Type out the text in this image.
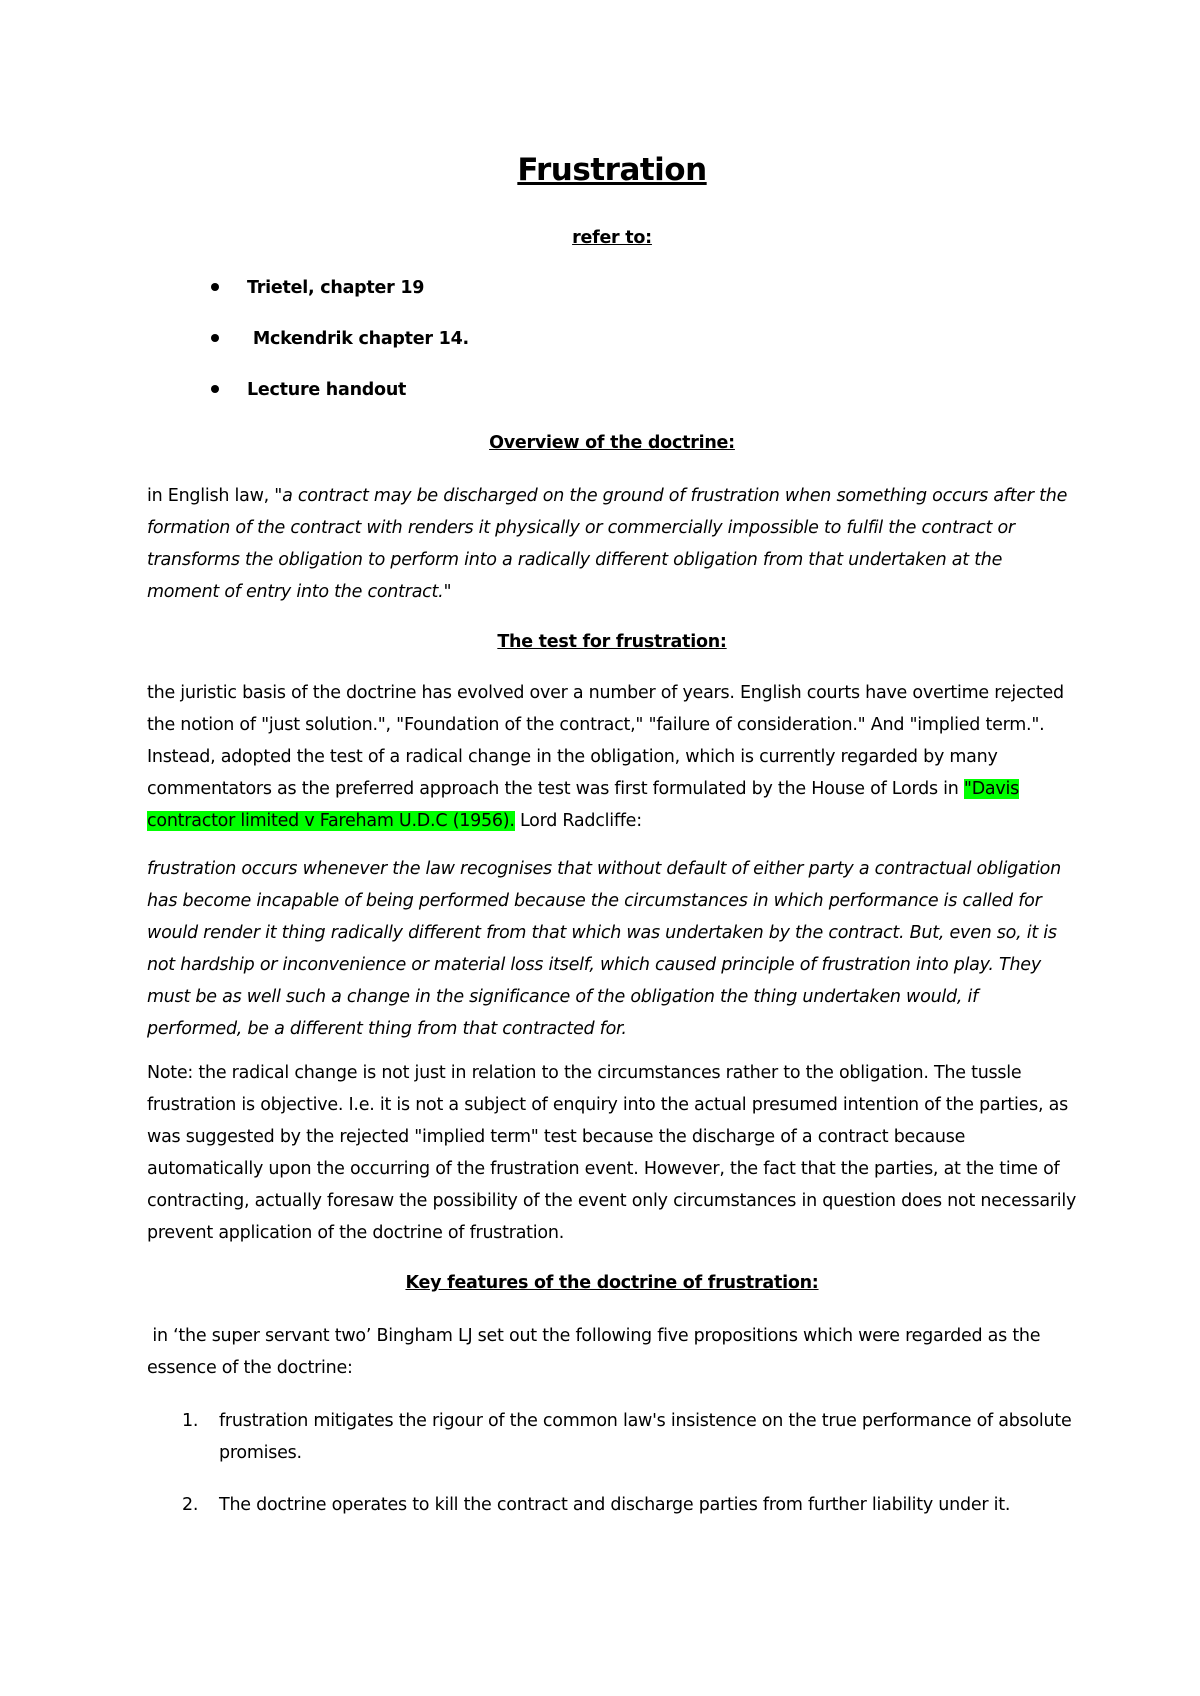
Frustration

refer to:

Trietel, chapter 19
Mckendrik chapter 14.
Lecture handout

Overview of the doctrine:

in English law, "a contract may be discharged on the ground of frustration when something occurs after the formation of the contract with renders it physically or commercially impossible to fulfil the contract or transforms the obligation to perform into a radically different obligation from that undertaken at the moment of entry into the contract."

The test for frustration:

the juristic basis of the doctrine has evolved over a number of years. English courts have overtime rejected the notion of "just solution.", "Foundation of the contract," "failure of consideration." And "implied term.". Instead, adopted the test of a radical change in the obligation, which is currently regarded by many commentators as the preferred approach the test was first formulated by the House of Lords in "Davis contractor limited v Fareham U.D.C (1956). Lord Radcliffe:

frustration occurs whenever the law recognises that without default of either party a contractual obligation has become incapable of being performed because the circumstances in which performance is called for would render it thing radically different from that which was undertaken by the contract. But, even so, it is not hardship or inconvenience or material loss itself, which caused principle of frustration into play. They must be as well such a change in the significance of the obligation the thing undertaken would, if performed, be a different thing from that contracted for.

Note: the radical change is not just in relation to the circumstances rather to the obligation. The tussle frustration is objective. I.e. it is not a subject of enquiry into the actual presumed intention of the parties, as was suggested by the rejected "implied term" test because the discharge of a contract because automatically upon the occurring of the frustration event. However, the fact that the parties, at the time of contracting, actually foresaw the possibility of the event only circumstances in question does not necessarily prevent application of the doctrine of frustration.

Key features of the doctrine of frustration:

in ‘the super servant two’ Bingham LJ set out the following five propositions which were regarded as the essence of the doctrine:

1. frustration mitigates the rigour of the common law's insistence on the true performance of absolute promises.
2. The doctrine operates to kill the contract and discharge parties from further liability under it.
